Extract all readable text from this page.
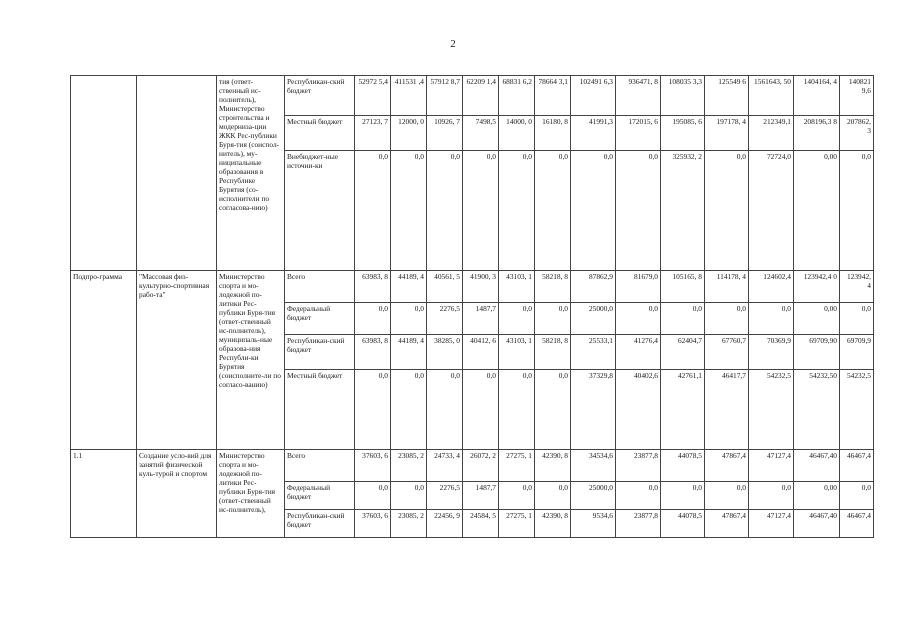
2
		тия (ответ-ственный ис-полнитель), Министерство строительства и модерниза-ции ЖКК Рес-публики Буря-тия (соиспол-нитель), му-ниципальные образования в Республике Бурятия (со-исполнители по согласова-нию)	Республикан-ский бюджет	52972 5,4	411531 ,4	57912 8,7	62209 1,4	68831 6,2	78664 3,1	102491 6,3	936471, 8	108035 3,3	125549 6	1561643, 50	1404164, 4	140821 9,6
			Местный бюджет	27123, 7	12000, 0	10926, 7	7498,5	14000, 0	16180, 8	41991,3	172015, 6	195085, 6	197178, 4	212349,1	208196,3 8	207862, 3
			Внебюджет-ные источни-ки	0,0	0,0	0,0	0,0	0,0	0,0	0,0	0,0	325932, 2	0,0	72724,0	0,00	0,0
Подпро-грамма	"Массовая физ-культурно-спортивная рабо-та"	Министерство спорта и мо-лодежной по-литики Рес-публики Буря-тия (ответ-ственный ис-полнитель), муниципаль-ные образова-ния Республи-ки Бурятия (соисполните-ли по согласо-ванию)	Всего	63983, 8	44189, 4	40561, 5	41900, 3	43103, 1	58218, 8	87862,9	81679,0	105165, 8	114178, 4	124602,4	123942,4 0	123942, 4
			Федеральный бюджет	0,0	0,0	2276,5	1487,7	0,0	0,0	25000,0	0,0	0,0	0,0	0,0	0,00	0,0
			Республикан-ский бюджет	63983, 8	44189, 4	38285, 0	40412, 6	43103, 1	58218, 8	25533,1	41276,4	62404,7	67760,7	70369,9	69709,90	69709,9
			Местный бюджет	0,0	0,0	0,0	0,0	0,0	0,0	37329,8	40402,6	42761,1	46417,7	54232,5	54232,50	54232,5
1.1	Создание усло-вий для занятий физической куль-турой и спортом	Министерство спорта и мо-лодежной по-литики Рес-публики Буря-тия (ответ-ственный ис-полнитель),	Всего	37603, 6	23085, 2	24733, 4	26072, 2	27275, 1	42390, 8	34534,6	23877,8	44078,5	47867,4	47127,4	46467,40	46467,4
			Федеральный бюджет	0,0	0,0	2276,5	1487,7	0,0	0,0	25000,0	0,0	0,0	0,0	0,0	0,00	0,0
			Республикан-ский бюджет	37603, 6	23085, 2	22456, 9	24584, 5	27275, 1	42390, 8	9534,6	23877,8	44078,5	47867,4	47127,4	46467,40	46467,4
